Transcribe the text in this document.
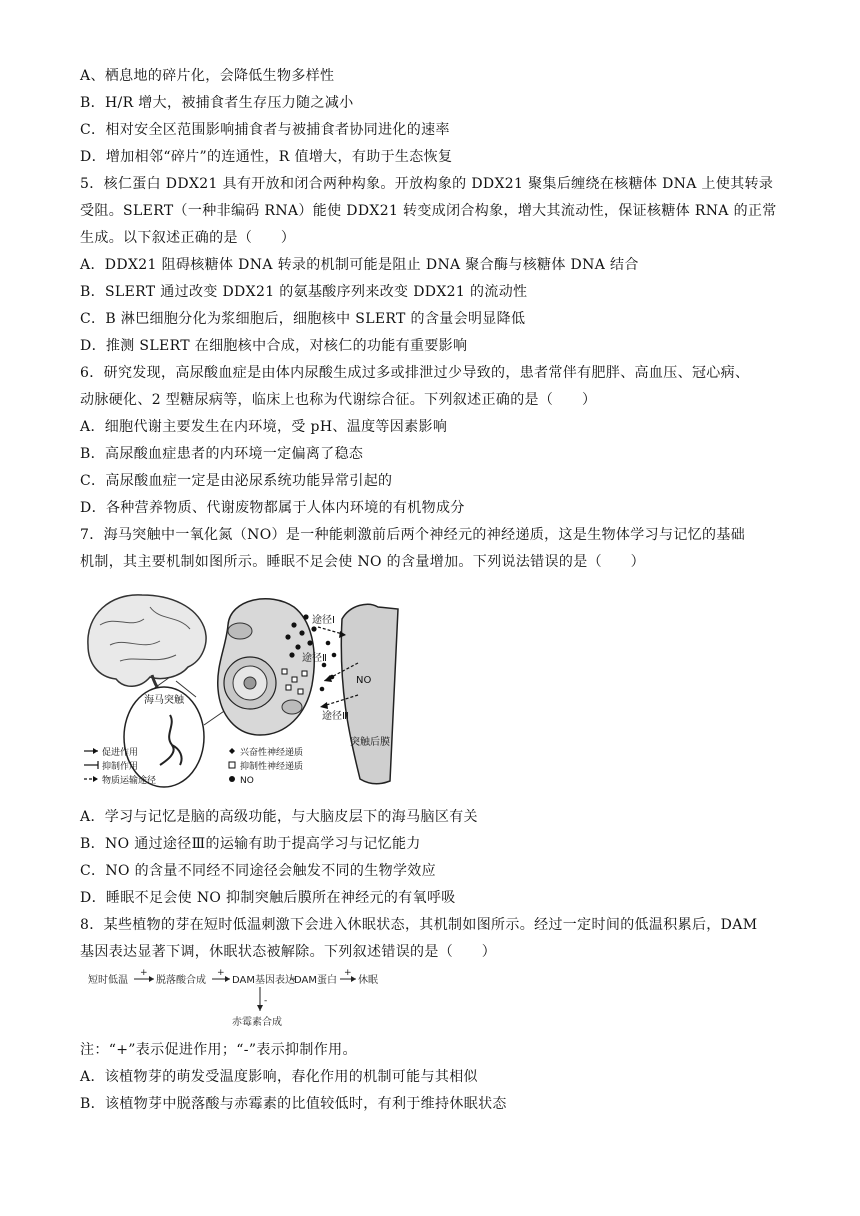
A、栖息地的碎片化，会降低生物多样性
B．H/R 增大，被捕食者生存压力随之减小
C．相对安全区范围影响捕食者与被捕食者协同进化的速率
D．增加相邻“碎片”的连通性，R 值增大，有助于生态恢复
5．核仁蛋白 DDX21 具有开放和闭合两种构象。开放构象的 DDX21 聚集后缠绕在核糖体 DNA 上使其转录
受阻。SLERT（一种非编码 RNA）能使 DDX21 转变成闭合构象，增大其流动性，保证核糖体 RNA 的正常
生成。以下叙述正确的是（　　）
A．DDX21 阻碍核糖体 DNA 转录的机制可能是阻止 DNA 聚合酶与核糖体 DNA 结合
B．SLERT 通过改变 DDX21 的氨基酸序列来改变 DDX21 的流动性
C．B 淋巴细胞分化为浆细胞后，细胞核中 SLERT 的含量会明显降低
D．推测 SLERT 在细胞核中合成，对核仁的功能有重要影响
6．研究发现，高尿酸血症是由体内尿酸生成过多或排泄过少导致的，患者常伴有肥胖、高血压、冠心病、
动脉硬化、2 型糖尿病等，临床上也称为代谢综合征。下列叙述正确的是（　　）
A．细胞代谢主要发生在内环境，受 pH、温度等因素影响
B．高尿酸血症患者的内环境一定偏离了稳态
C．高尿酸血症一定是由泌尿系统功能异常引起的
D．各种营养物质、代谢废物都属于人体内环境的有机物成分
7．海马突触中一氧化氮（NO）是一种能刺激前后两个神经元的神经递质，这是生物体学习与记忆的基础
机制，其主要机制如图所示。睡眠不足会使 NO 的含量增加。下列说法错误的是（　　）
海马突触
途径Ⅰ
途径Ⅱ
途径Ⅲ
NO
突触后膜
促进作用
抑制作用
物质运输途径
兴奋性神经递质
抑制性神经递质
NO
A．学习与记忆是脑的高级功能，与大脑皮层下的海马脑区有关
B．NO 通过途径Ⅲ的运输有助于提高学习与记忆能力
C．NO 的含量不同经不同途径会触发不同的生物学效应
D．睡眠不足会使 NO 抑制突触后膜所在神经元的有氧呼吸
8．某些植物的芽在短时低温刺激下会进入休眠状态，其机制如图所示。经过一定时间的低温积累后，DAM
基因表达显著下调，休眠状态被解除。下列叙述错误的是（　　）
短时低温
+
脱落酸合成
+
DAM基因表达 DAM蛋白
+
休眠
-
赤霉素合成
注：“+”表示促进作用；“-”表示抑制作用。
A．该植物芽的萌发受温度影响，春化作用的机制可能与其相似
B．该植物芽中脱落酸与赤霉素的比值较低时，有利于维持休眠状态
